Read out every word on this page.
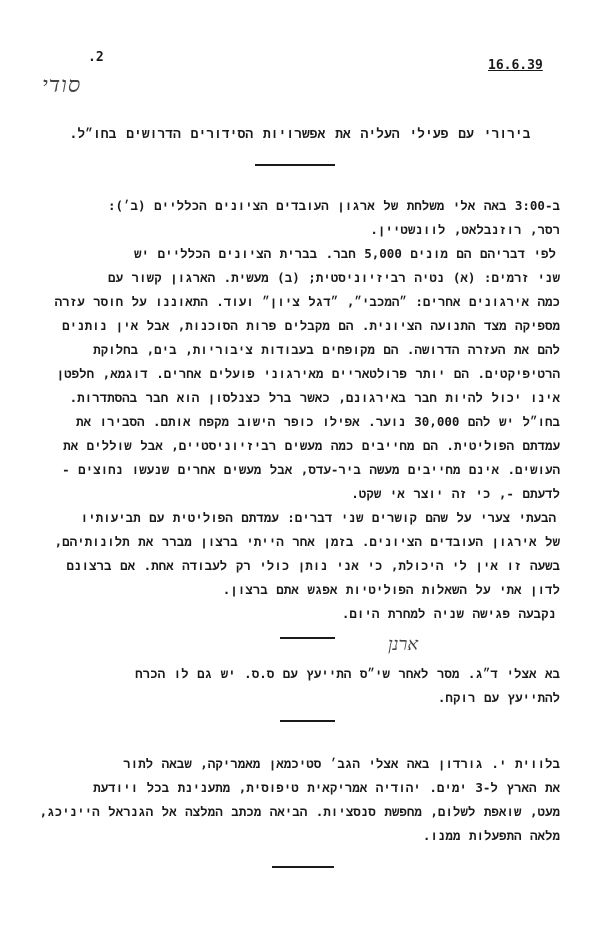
.2
16.6.39
סודי
בירורי עם פעילי העליה את אפשרויות הסידורים הדרושים בחו״ל.
ב-3:00 באה אלי משלחת של ארגון העובדים הציונים הכלליים (ב׳):
רסר, רוזנבלאט, לוונשטיין.
לפי דבריהם הם מונים 5,000 חבר. בברית הציונים הכלליים יש
שני זרמים: (א) נטיה רביזיוניסטית; (ב) מעשית. הארגון קשור עם
כמה אירגונים אחרים: ״המכבי״, ״דגל ציון״ ועוד. התאוננו על חוסר עזרה
מספיקה מצד התנועה הציונית. הם מקבלים פרות הסוכנות, אבל אין נותנים
להם את העזרה הדרושה. הם מקופחים בעבודות ציבוריות, בים, בחלוקת
הרטיפיקטים. הם יותר פרולטאריים מאירגוני פועלים אחרים. דוגמא, חלפטן
אינו יכול להיות חבר באירגונם, כאשר ברל כצנלסון הוא חבר בהסתדרות.
בחו״ל יש להם 30,000 נוער. אפילו כופר הישוב מקפח אותם. הסבירו את
עמדתם הפוליטית. הם מחייבים כמה מעשים רביזיוניסטיים, אבל שוללים את
העושים. אינם מחייבים מעשה ביר-עדס, אבל מעשים אחרים שנעשו נחוצים -
לדעתם -, כי זה יוצר אי שקט.
הבעתי צערי על שהם קושרים שני דברים: עמדתם הפוליטית עם תביעותיו
של אירגון העובדים הציונים. בזמן אחר הייתי ברצון מברר את תלונותיהם,
בשעה זו אין לי היכולת, כי אני נותן כולי רק לעבודה אחת. אם ברצונם
לדון אתי על השאלות הפוליטיות אפגש אתם ברצון.
נקבעה פגישה שניה למחרת היום.
ארנן
בא אצלי ד״ג. מסר לאחר שי״ס התייעץ עם ס.ס. יש גם לו הכרח
להתייעץ עם רוקח.
בלווית י. גורדון באה אצלי הגב׳ סטיכמאן מאמריקה, שבאה לתור
את הארץ ל-3 ימים. יהודיה אמריקאית טיפוסית, מתענינת בכל ויודעת
מעט, שואפת לשלום, מחפשת סנסציות. הביאה מכתב המלצה אל הגנראל הייניכג,
מלאה התפעלות ממנו.
